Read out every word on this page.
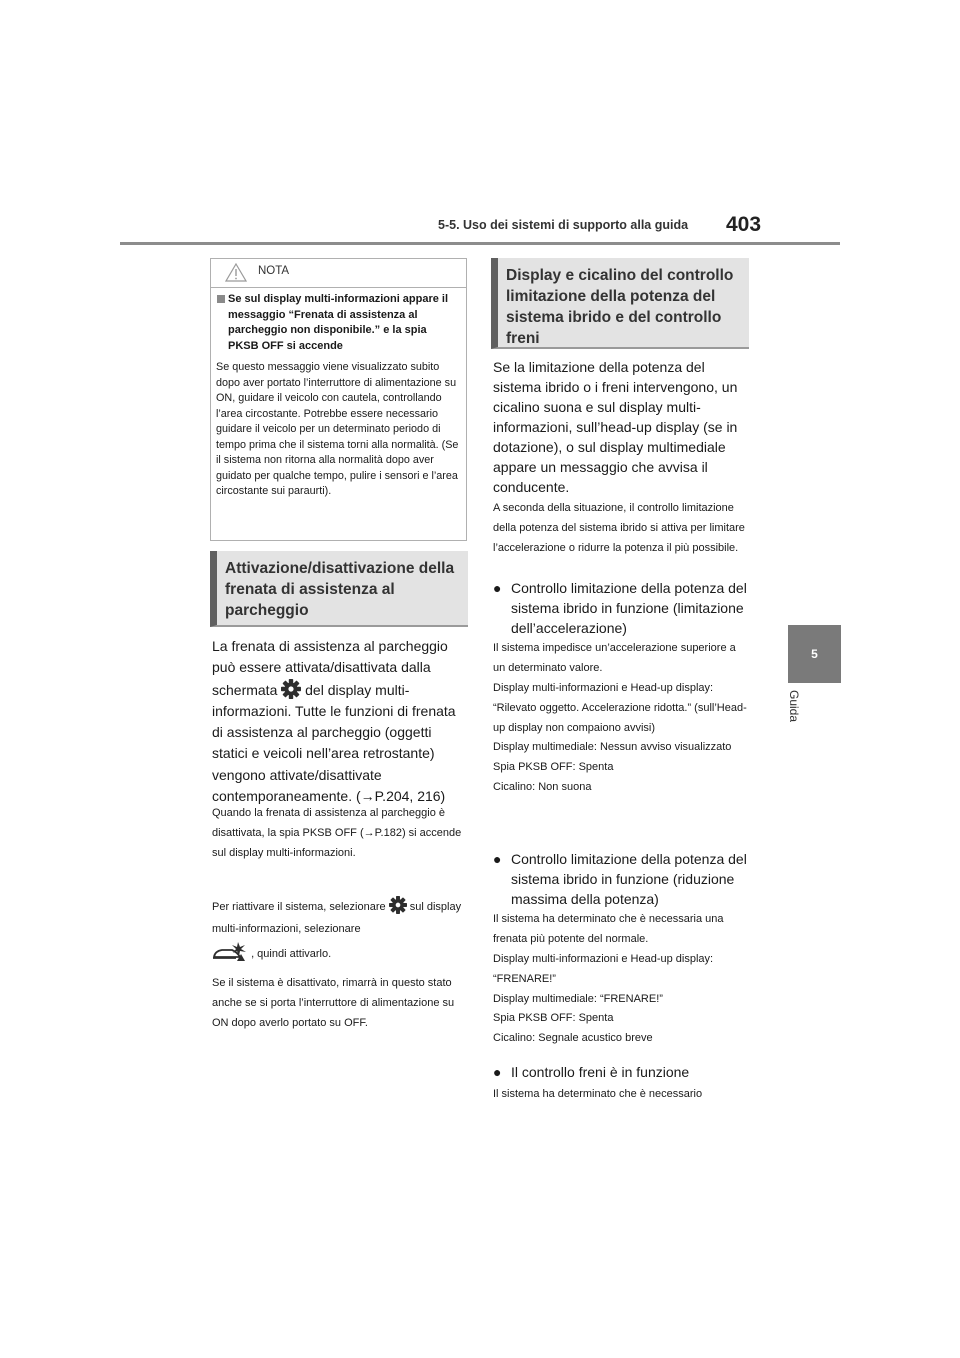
5-5. Uso dei sistemi di supporto alla guida 403
5
Guida
NOTA
Se sul display multi-informazioni appare il messaggio “Frenata di assistenza al parcheggio non disponibile.” e la spia PKSB OFF si accende
Se questo messaggio viene visualizzato subito dopo aver portato l’interruttore di alimentazione su ON, guidare il veicolo con cautela, controllando l’area circostante. Potrebbe essere necessario guidare il veicolo per un determinato periodo di tempo prima che il sistema torni alla normalità. (Se il sistema non ritorna alla normalità dopo aver guidato per qualche tempo, pulire i sensori e l’area circostante sui paraurti).
Attivazione/disattivazione della frenata di assistenza al parcheggio
La frenata di assistenza al parcheggio può essere attivata/disattivata dalla schermata del display multi-informazioni. Tutte le funzioni di frenata di assistenza al parcheggio (oggetti statici e veicoli nell’area retrostante) vengono attivate/disattivate contemporaneamente. (→P.204, 216)
Quando la frenata di assistenza al parcheggio è disattivata, la spia PKSB OFF (→P.182) si accende sul display multi-informazioni.
Per riattivare il sistema, selezionare sul display multi-informazioni, selezionare
, quindi attivarlo.
Se il sistema è disattivato, rimarrà in questo stato anche se si porta l’interruttore di alimentazione su ON dopo averlo portato su OFF.
Display e cicalino del controllo limitazione della potenza del sistema ibrido e del controllo freni
Se la limitazione della potenza del sistema ibrido o i freni intervengono, un cicalino suona e sul display multi-informazioni, sull’head-up display (se in dotazione), o sul display multimediale appare un messaggio che avvisa il conducente.
A seconda della situazione, il controllo limitazione della potenza del sistema ibrido si attiva per limitare l’accelerazione o ridurre la potenza il più possibile.
● Controllo limitazione della potenza del sistema ibrido in funzione (limitazione dell’accelerazione)
Il sistema impedisce un’accelerazione superiore a un determinato valore.
Display multi-informazioni e Head-up display: “Rilevato oggetto. Accelerazione ridotta.” (sull’Head-up display non compaiono avvisi)
Display multimediale: Nessun avviso visualizzato
Spia PKSB OFF: Spenta
Cicalino: Non suona
● Controllo limitazione della potenza del sistema ibrido in funzione (riduzione massima della potenza)
Il sistema ha determinato che è necessaria una frenata più potente del normale.
Display multi-informazioni e Head-up display: “FRENARE!”
Display multimediale: “FRENARE!”
Spia PKSB OFF: Spenta
Cicalino: Segnale acustico breve
● Il controllo freni è in funzione
Il sistema ha determinato che è necessario
